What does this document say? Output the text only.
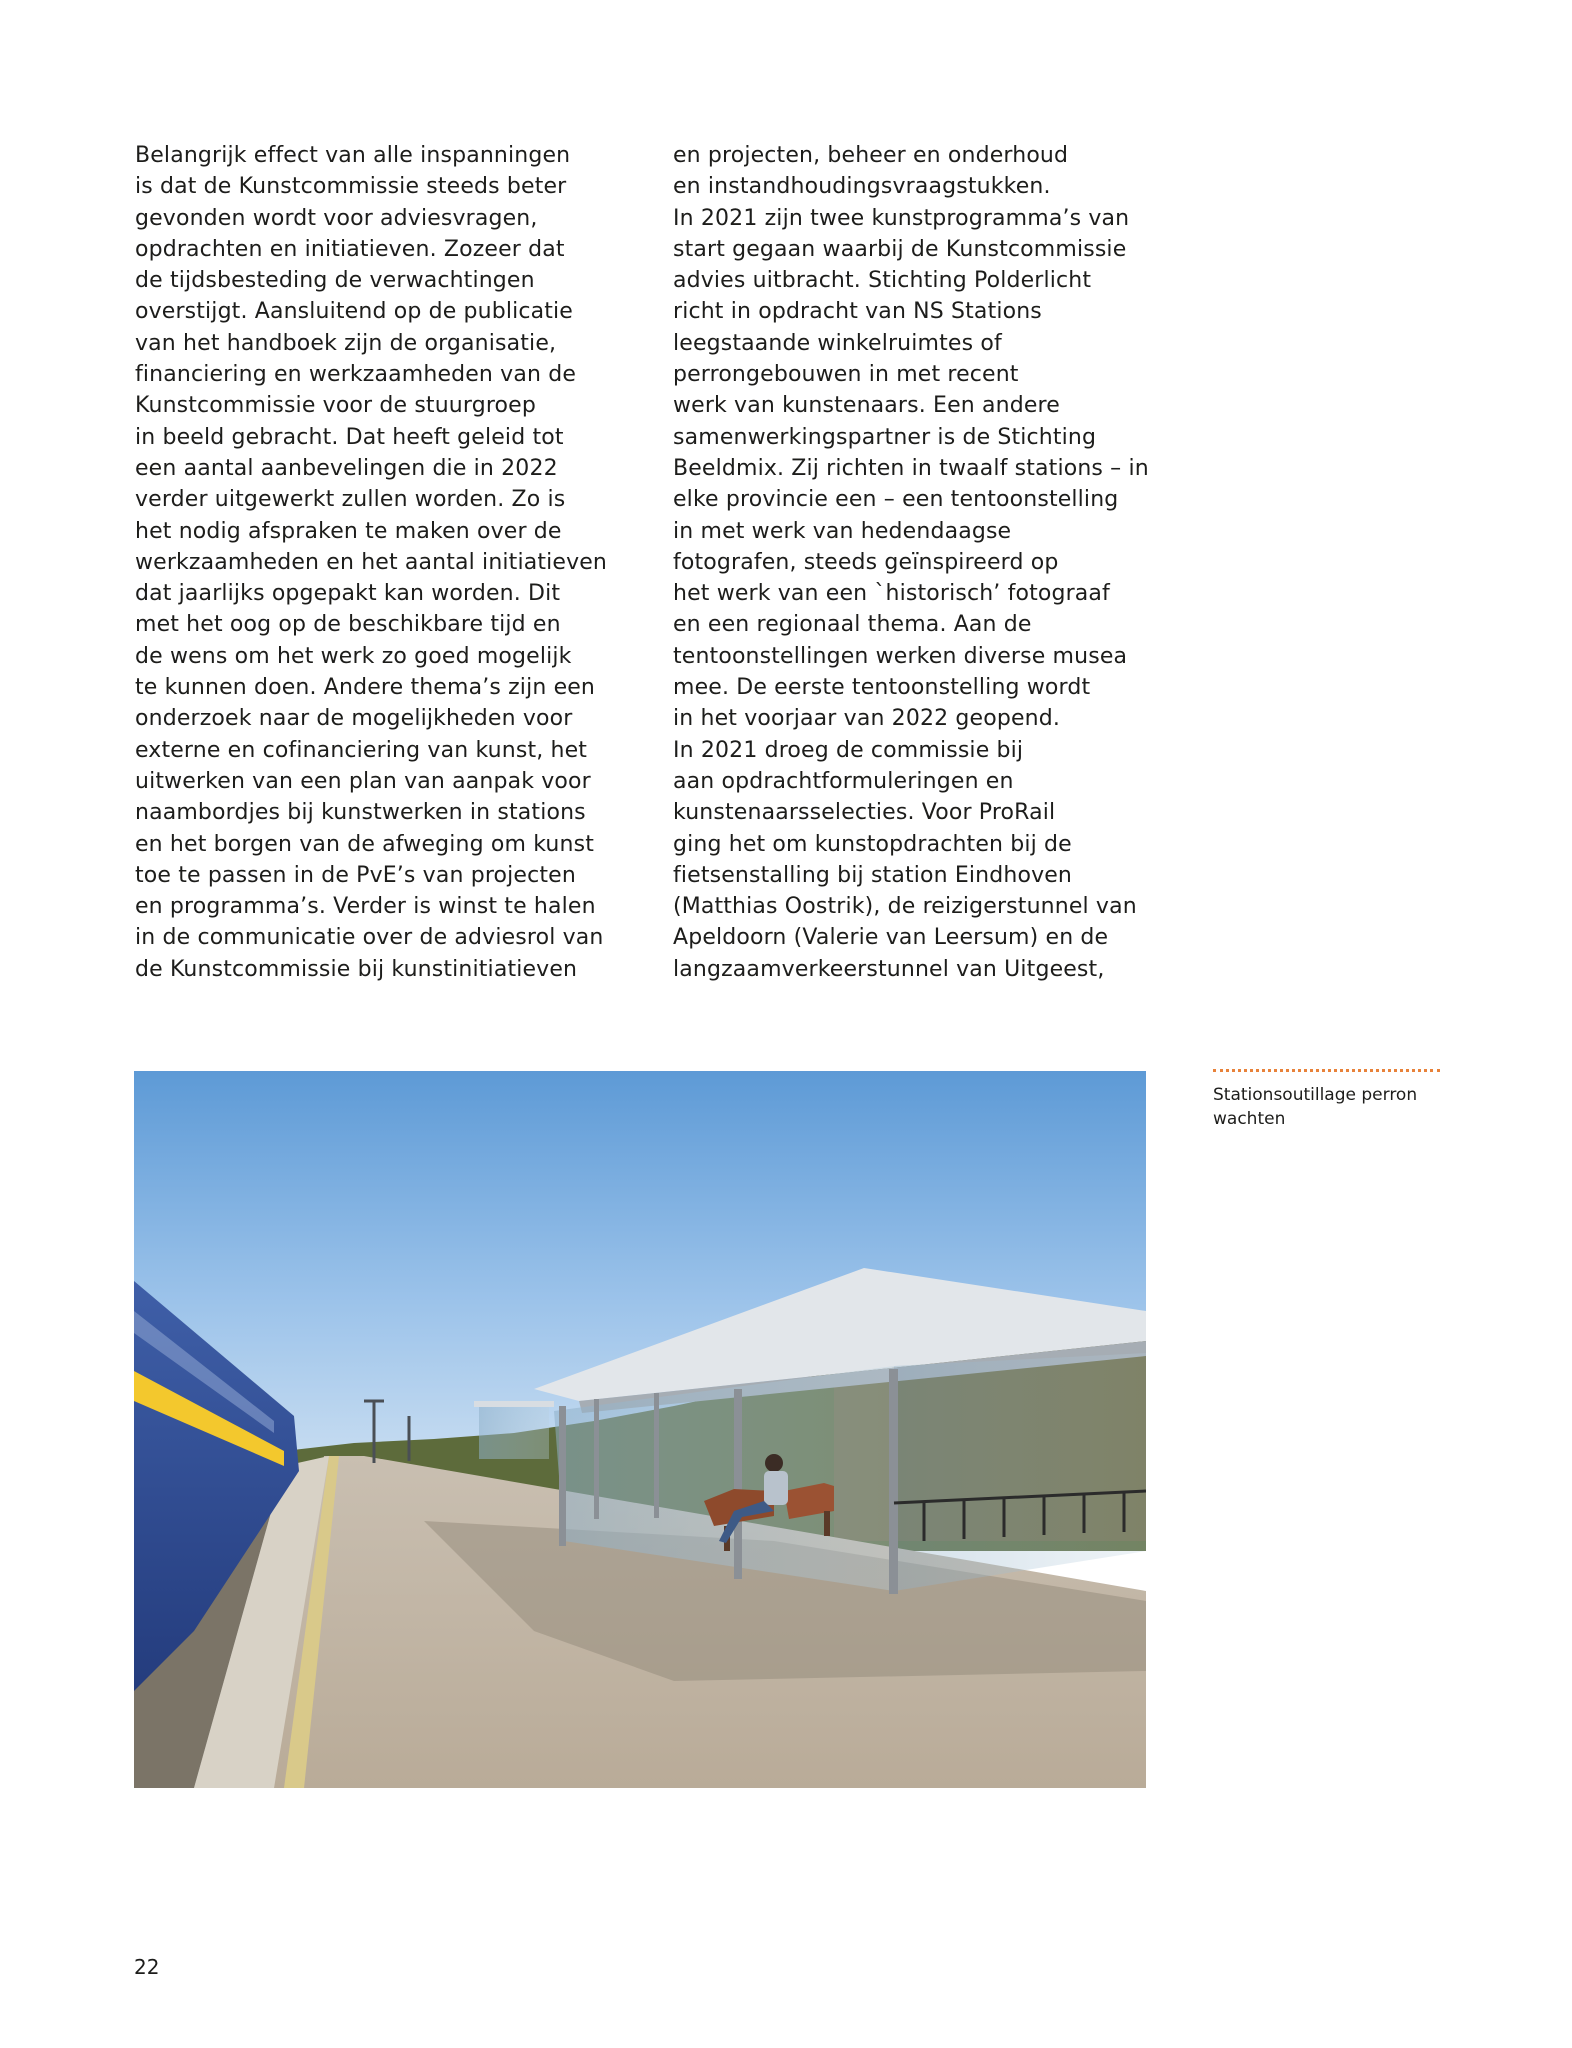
Belangrijk effect van alle inspanningen
is dat de Kunstcommissie steeds beter
gevonden wordt voor adviesvragen,
opdrachten en initiatieven. Zozeer dat
de tijdsbesteding de verwachtingen
overstijgt. Aansluitend op de publicatie
van het handboek zijn de organisatie,
financiering en werkzaamheden van de
Kunstcommissie voor de stuurgroep
in beeld gebracht. Dat heeft geleid tot
een aantal aanbevelingen die in 2022
verder uitgewerkt zullen worden. Zo is
het nodig afspraken te maken over de
werkzaamheden en het aantal initiatieven
dat jaarlijks opgepakt kan worden. Dit
met het oog op de beschikbare tijd en
de wens om het werk zo goed mogelijk
te kunnen doen. Andere thema’s zijn een
onderzoek naar de mogelijkheden voor
externe en cofinanciering van kunst, het
uitwerken van een plan van aanpak voor
naambordjes bij kunstwerken in stations
en het borgen van de afweging om kunst
toe te passen in de PvE’s van projecten
en programma’s. Verder is winst te halen
in de communicatie over de adviesrol van
de Kunstcommissie bij kunstinitiatieven
en projecten, beheer en onderhoud
en instandhoudingsvraagstukken.
In 2021 zijn twee kunstprogramma’s van
start gegaan waarbij de Kunstcommissie
advies uitbracht. Stichting Polderlicht
richt in opdracht van NS Stations
leegstaande winkelruimtes of
perrongebouwen in met recent
werk van kunstenaars. Een andere
samenwerkingspartner is de Stichting
Beeldmix. Zij richten in twaalf stations – in
elke provincie een – een tentoonstelling
in met werk van hedendaagse
fotografen, steeds geïnspireerd op
het werk van een `historisch’ fotograaf
en een regionaal thema. Aan de
tentoonstellingen werken diverse musea
mee. De eerste tentoonstelling wordt
in het voorjaar van 2022 geopend.
In 2021 droeg de commissie bij
aan opdrachtformuleringen en
kunstenaarsselecties. Voor ProRail
ging het om kunstopdrachten bij de
fietsenstalling bij station Eindhoven
(Matthias Oostrik), de reizigerstunnel van
Apeldoorn (Valerie van Leersum) en de
langzaamverkeerstunnel van Uitgeest,
Stationsoutillage perron
wachten
22
